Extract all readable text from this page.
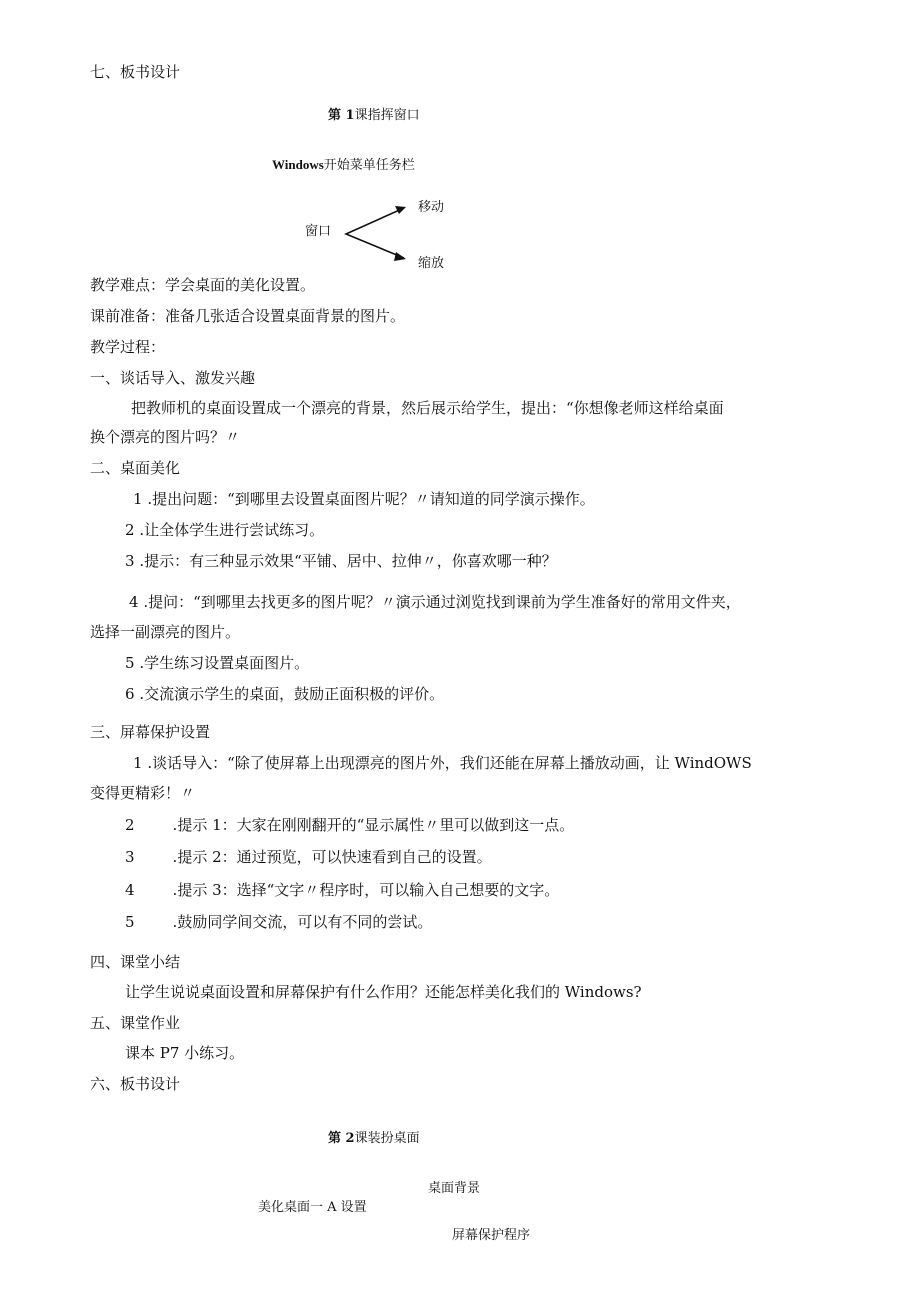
七、板书设计
第 1课指挥窗口
Windows开始菜单任务栏
窗口
移动
缩放
教学难点：学会桌面的美化设置。
课前准备：准备几张适合设置桌面背景的图片。
教学过程：
一、谈话导入、激发兴趣
把教师机的桌面设置成一个漂亮的背景，然后展示给学生，提出：“你想像老师这样给桌面
换个漂亮的图片吗？〃
二、桌面美化
1 .提出问题：“到哪里去设置桌面图片呢？〃请知道的同学演示操作。
2 .让全体学生进行尝试练习。
3 .提示：有三种显示效果“平铺、居中、拉伸〃，你喜欢哪一种？
4 .提问：“到哪里去找更多的图片呢？〃演示通过浏览找到课前为学生准备好的常用文件夹，
选择一副漂亮的图片。
5 .学生练习设置桌面图片。
6 .交流演示学生的桌面，鼓励正面积极的评价。
三、屏幕保护设置
1 .谈话导入：“除了使屏幕上出现漂亮的图片外，我们还能在屏幕上播放动画，让 WindOWS
变得更精彩！〃
2	.提示 1：大家在刚刚翻开的“显示属性〃里可以做到这一点。
3	.提示 2：通过预览，可以快速看到自己的设置。
4	.提示 3：选择“文字〃程序时，可以输入自己想要的文字。
5	.鼓励同学间交流，可以有不同的尝试。
四、课堂小结
让学生说说桌面设置和屏幕保护有什么作用？还能怎样美化我们的 Windows?
五、课堂作业
课本 P7 小练习。
六、板书设计
第 2课装扮桌面
桌面背景
美化桌面一 A 设置
屏幕保护程序
